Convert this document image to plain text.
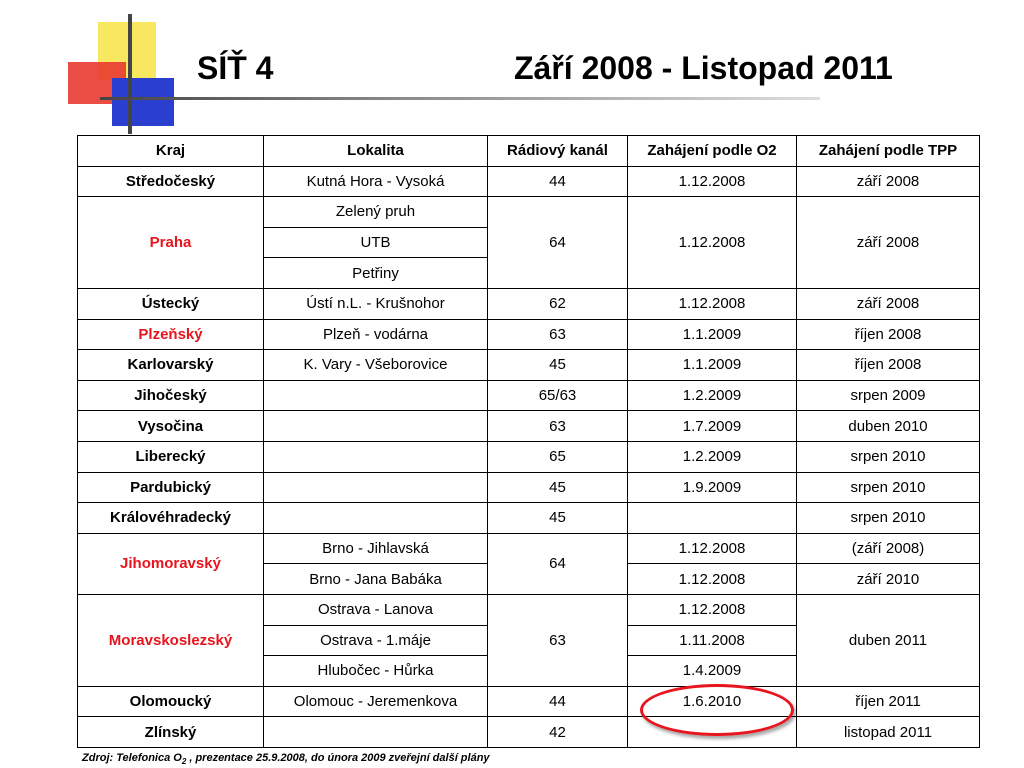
SÍŤ 4	Září 2008 - Listopad 2011
Kraj	Lokalita	Rádiový kanál	Zahájení podle O2	Zahájení podle TPP
Středočeský	Kutná Hora - Vysoká	44	1.12.2008	září 2008
Praha	Zelený pruh	64	1.12.2008	září 2008
	UTB			
	Petřiny			
Ústecký	Ústí n.L. - Krušnohor	62	1.12.2008	září 2008
Plzeňský	Plzeň - vodárna	63	1.1.2009	říjen 2008
Karlovarský	K. Vary - Všeborovice	45	1.1.2009	říjen 2008
Jihočeský		65/63	1.2.2009	srpen 2009
Vysočina		63	1.7.2009	duben 2010
Liberecký		65	1.2.2009	srpen 2010
Pardubický		45	1.9.2009	srpen 2010
Královéhradecký		45		srpen 2010
Jihomoravský	Brno - Jihlavská	64	1.12.2008	(září 2008)
	Brno - Jana Babáka		1.12.2008	září 2010
Moravskoslezský	Ostrava - Lanova	63	1.12.2008	duben 2011
	Ostrava - 1.máje		1.11.2008	
	Hlubočec - Hůrka		1.4.2009	
Olomoucký	Olomouc - Jeremenkova	44	1.6.2010	říjen 2011
Zlínský		42		listopad 2011
Zdroj: Telefonica $O_2$ , prezentace 25.9.2008, do února 2009 zveřejní další plány
